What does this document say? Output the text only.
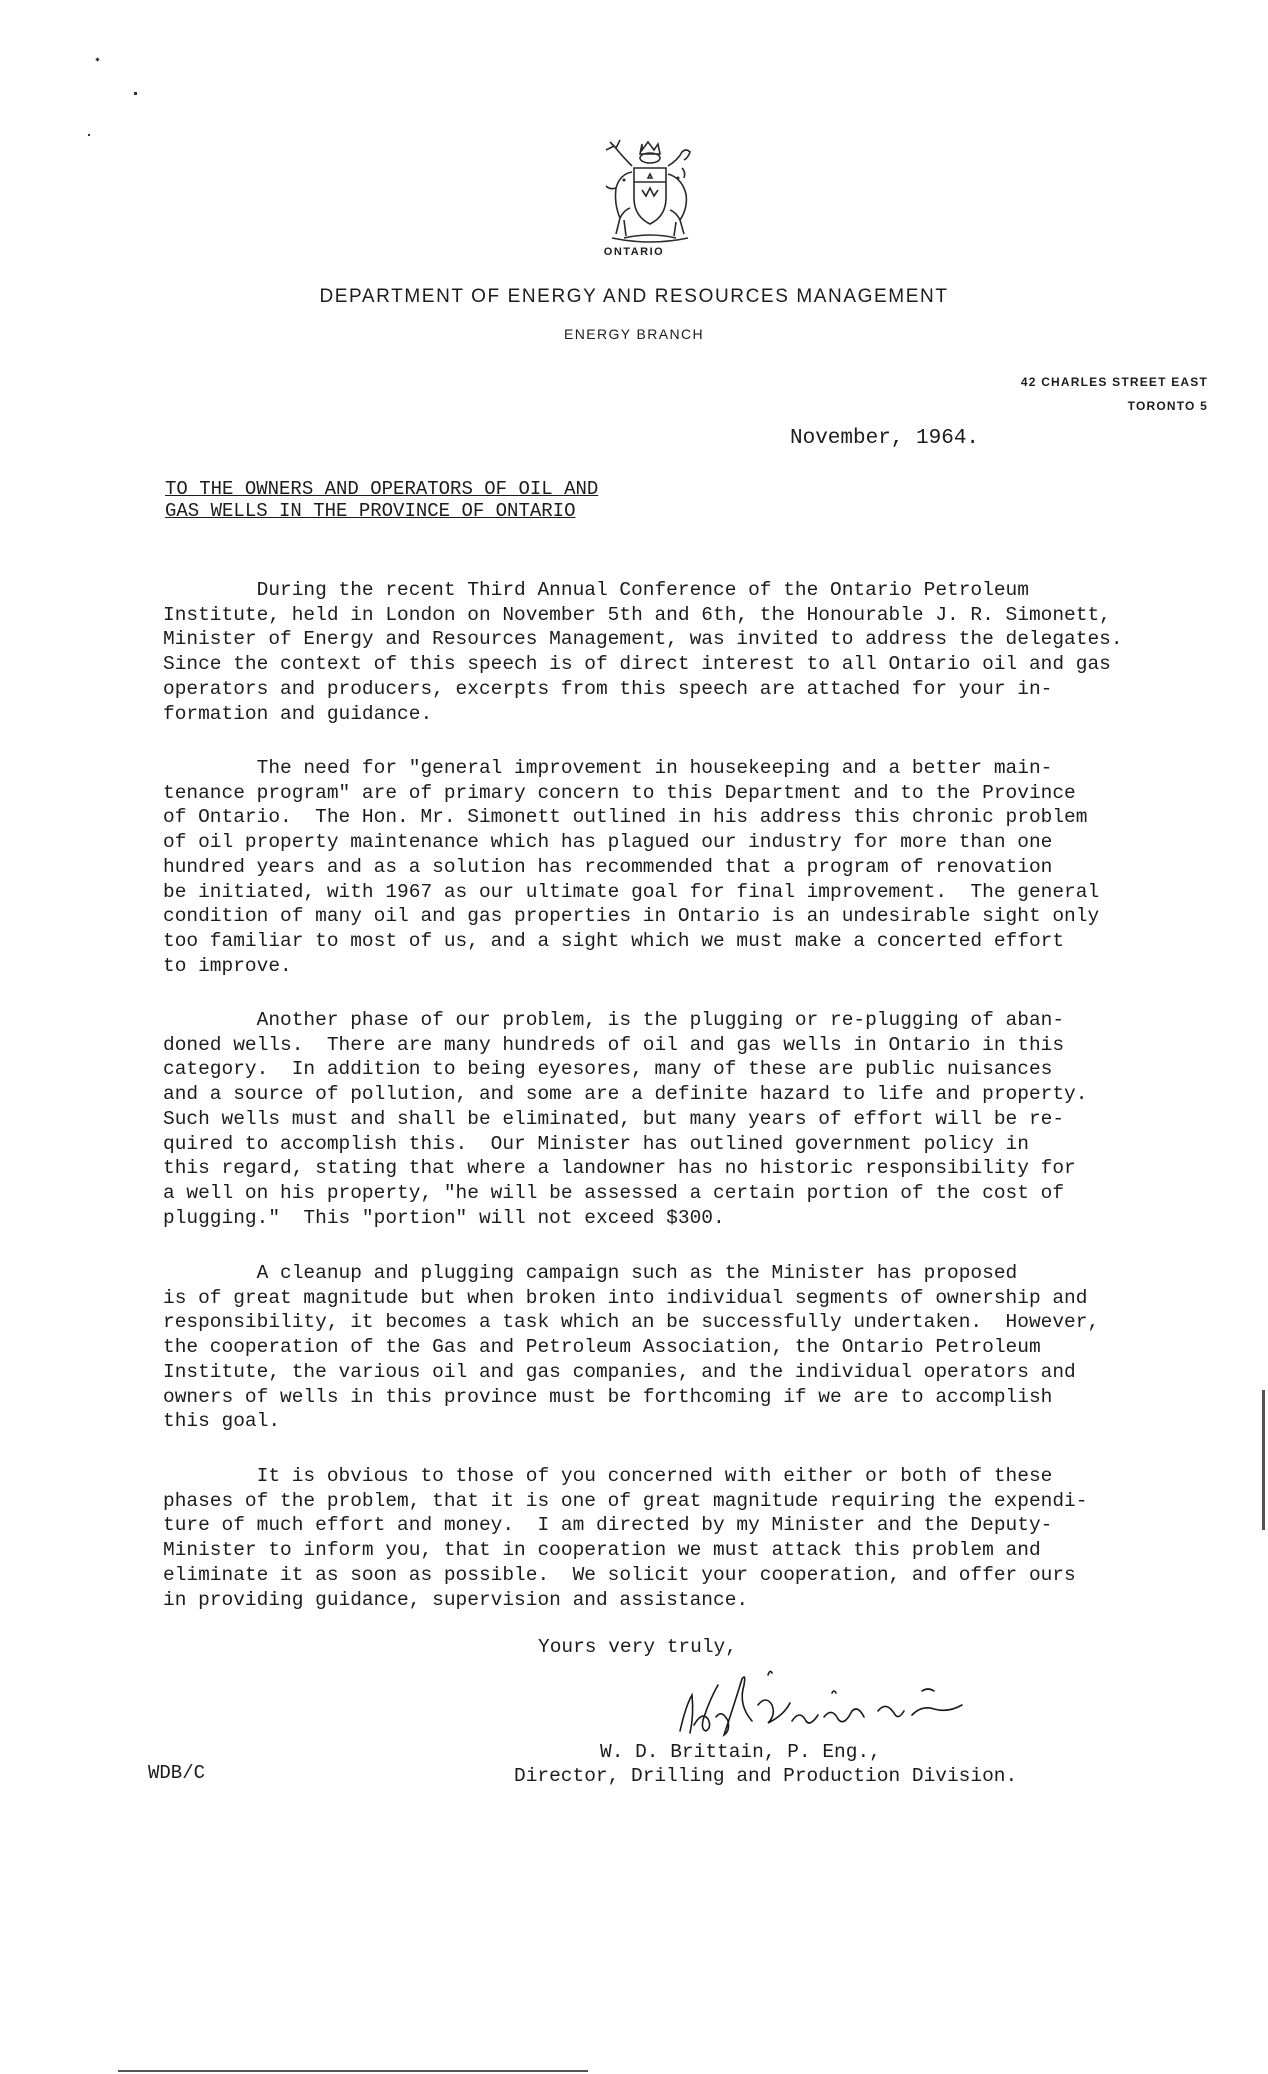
ONTARIO
DEPARTMENT OF ENERGY AND RESOURCES MANAGEMENT
ENERGY BRANCH
42 CHARLES STREET EAST
TORONTO 5
November, 1964.
TO THE OWNERS AND OPERATORS OF OIL AND
GAS WELLS IN THE PROVINCE OF ONTARIO
During the recent Third Annual Conference of the Ontario Petroleum
Institute, held in London on November 5th and 6th, the Honourable J. R. Simonett,
Minister of Energy and Resources Management, was invited to address the delegates.
Since the context of this speech is of direct interest to all Ontario oil and gas
operators and producers, excerpts from this speech are attached for your in-
formation and guidance.
The need for "general improvement in housekeeping and a better main-
tenance program" are of primary concern to this Department and to the Province
of Ontario.  The Hon. Mr. Simonett outlined in his address this chronic problem
of oil property maintenance which has plagued our industry for more than one
hundred years and as a solution has recommended that a program of renovation
be initiated, with 1967 as our ultimate goal for final improvement.  The general
condition of many oil and gas properties in Ontario is an undesirable sight only
too familiar to most of us, and a sight which we must make a concerted effort
to improve.
Another phase of our problem, is the plugging or re-plugging of aban-
doned wells.  There are many hundreds of oil and gas wells in Ontario in this
category.  In addition to being eyesores, many of these are public nuisances
and a source of pollution, and some are a definite hazard to life and property.
Such wells must and shall be eliminated, but many years of effort will be re-
quired to accomplish this.  Our Minister has outlined government policy in
this regard, stating that where a landowner has no historic responsibility for
a well on his property, "he will be assessed a certain portion of the cost of
plugging."  This "portion" will not exceed $300.
A cleanup and plugging campaign such as the Minister has proposed
is of great magnitude but when broken into individual segments of ownership and
responsibility, it becomes a task which an be successfully undertaken.  However,
the cooperation of the Gas and Petroleum Association, the Ontario Petroleum
Institute, the various oil and gas companies, and the individual operators and
owners of wells in this province must be forthcoming if we are to accomplish
this goal.
It is obvious to those of you concerned with either or both of these
phases of the problem, that it is one of great magnitude requiring the expendi-
ture of much effort and money.  I am directed by my Minister and the Deputy-
Minister to inform you, that in cooperation we must attack this problem and
eliminate it as soon as possible.  We solicit your cooperation, and offer ours
in providing guidance, supervision and assistance.
Yours very truly,
W. D. Brittain, P. Eng.,
Director, Drilling and Production Division.
WDB/C
